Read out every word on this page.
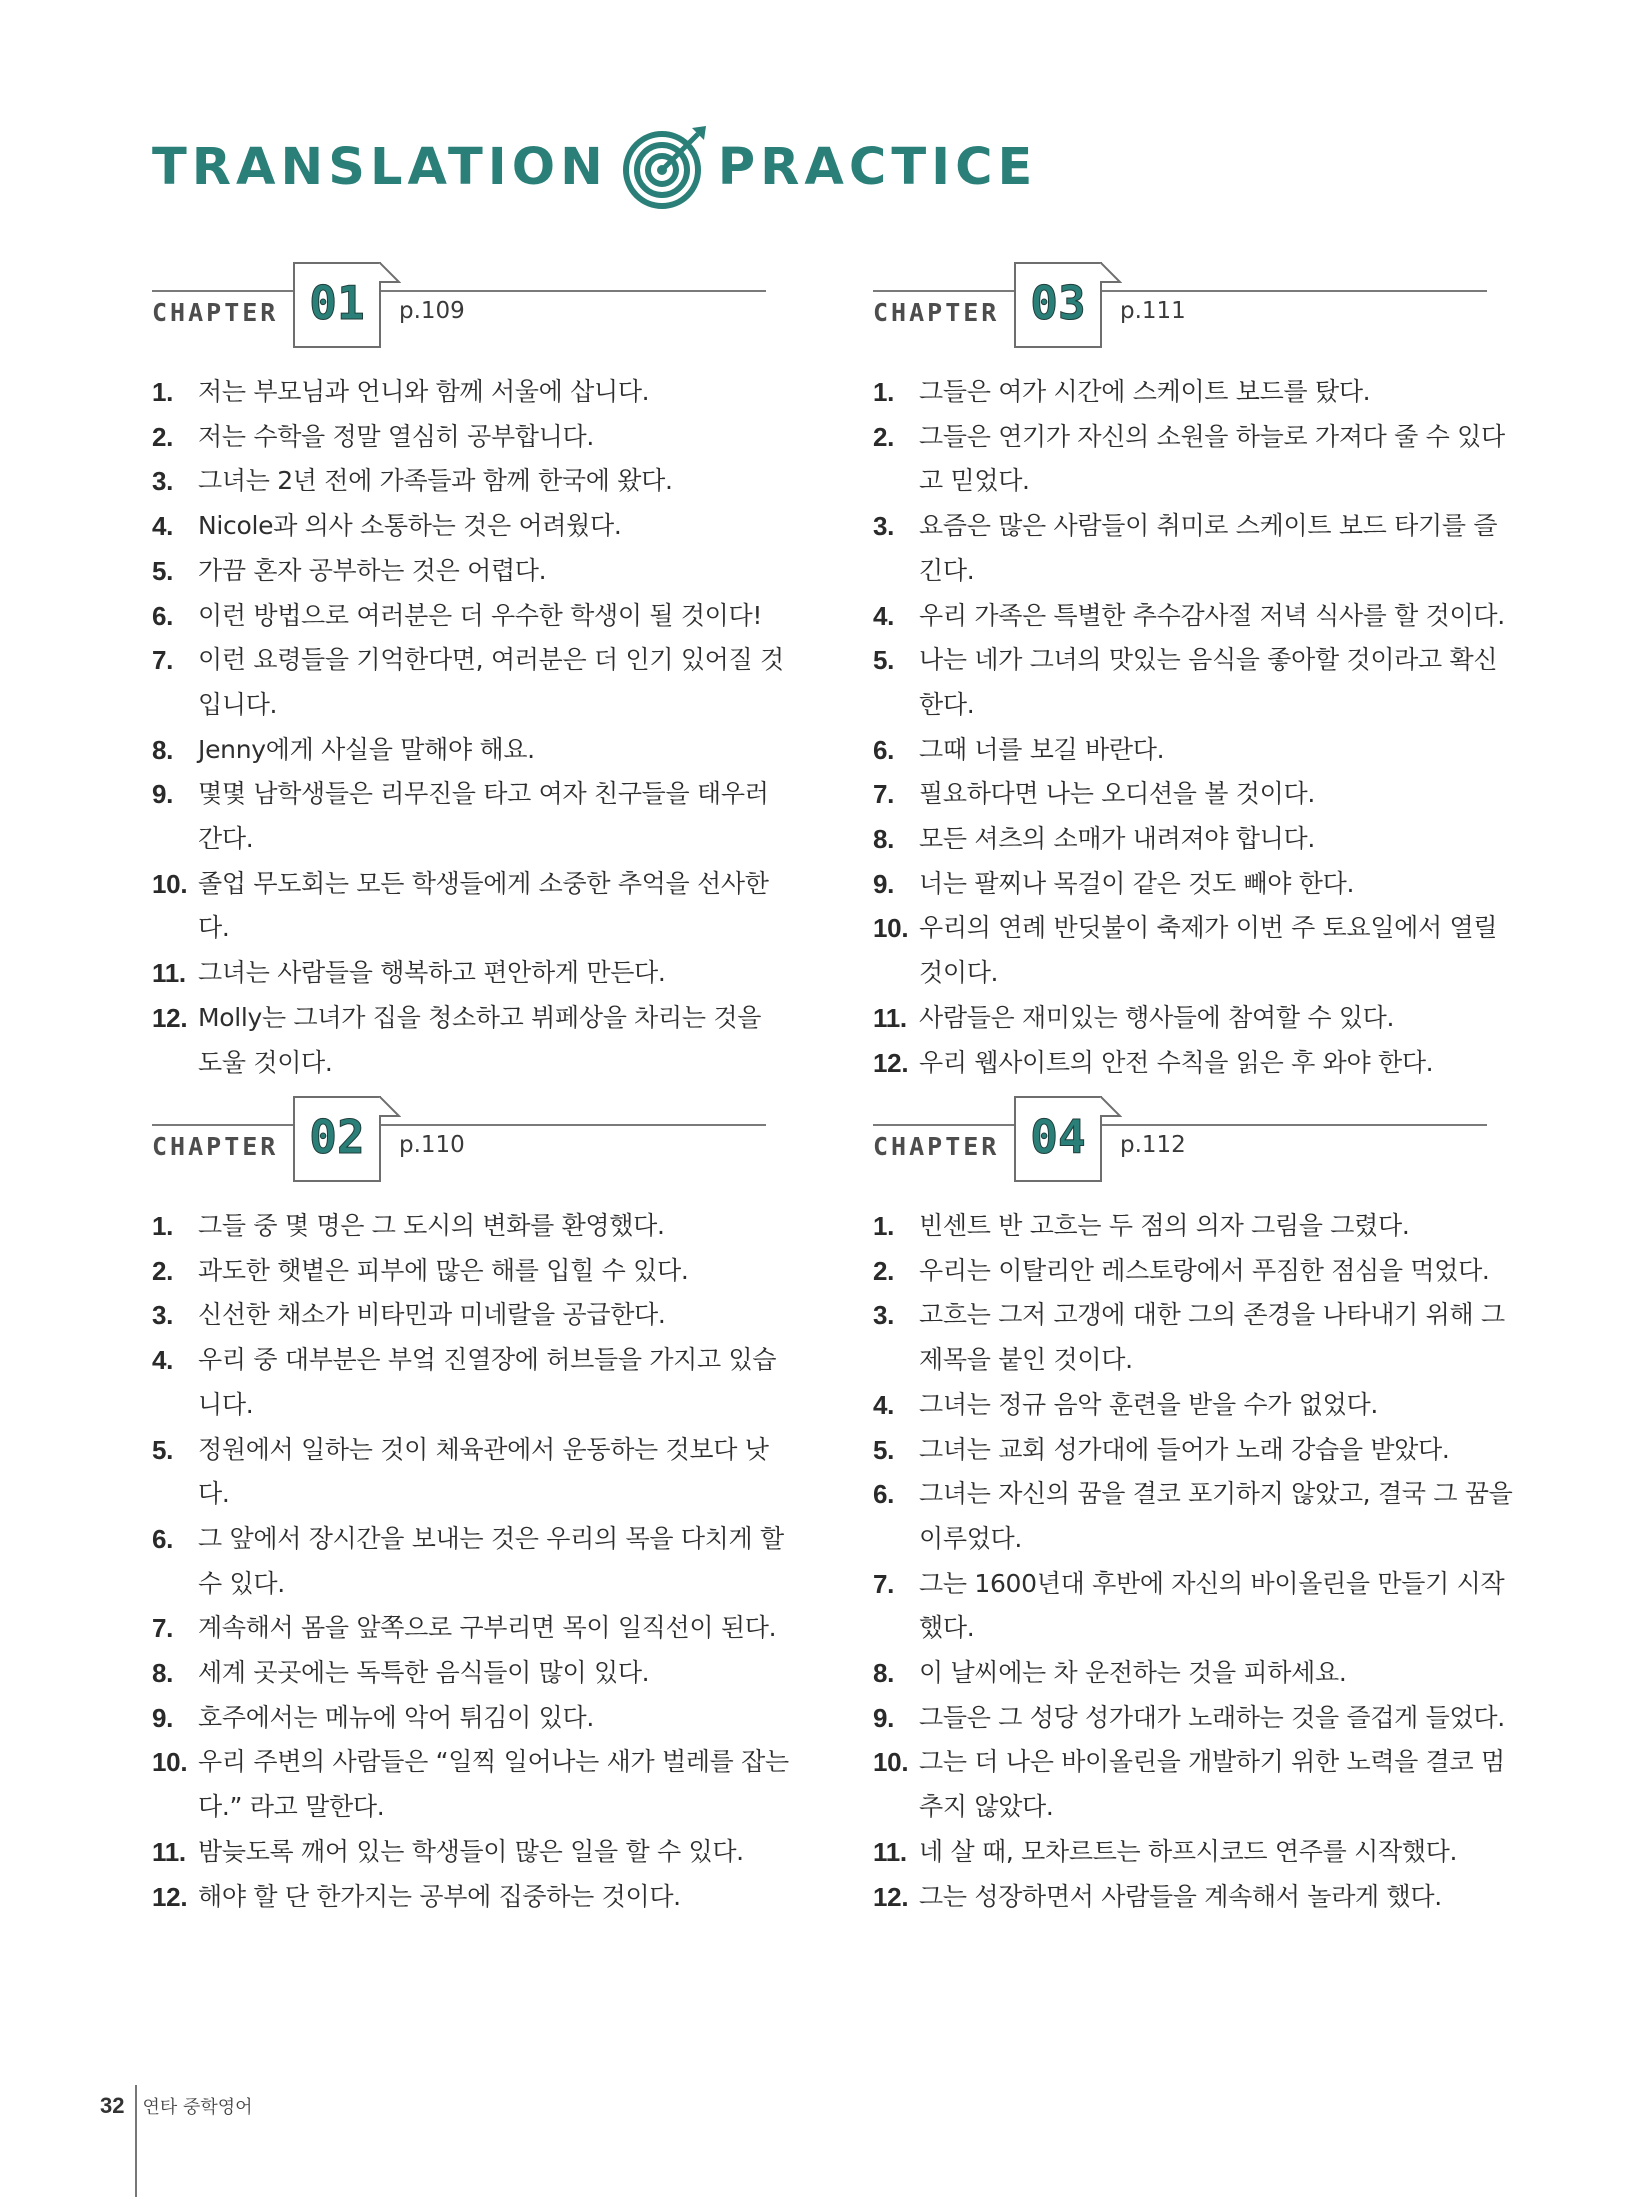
TRANSLATION PRACTICE
CHAPTER 01	p.109
1. 저는 부모님과 언니와 함께 서울에 삽니다.
2. 저는 수학을 정말 열심히 공부합니다.
3. 그녀는 2년 전에 가족들과 함께 한국에 왔다.
4. Nicole과 의사 소통하는 것은 어려웠다.
5. 가끔 혼자 공부하는 것은 어렵다.
6. 이런 방법으로 여러분은 더 우수한 학생이 될 것이다!
7. 이런 요령들을 기억한다면, 여러분은 더 인기 있어질 것입니다.
8. Jenny에게 사실을 말해야 해요.
9. 몇몇 남학생들은 리무진을 타고 여자 친구들을 태우러 간다.
10. 졸업 무도회는 모든 학생들에게 소중한 추억을 선사한다.
11. 그녀는 사람들을 행복하고 편안하게 만든다.
12. Molly는 그녀가 집을 청소하고 뷔페상을 차리는 것을 도울 것이다.
CHAPTER 03	p.111
1. 그들은 여가 시간에 스케이트 보드를 탔다.
2. 그들은 연기가 자신의 소원을 하늘로 가져다 줄 수 있다고 믿었다.
3. 요즘은 많은 사람들이 취미로 스케이트 보드 타기를 즐긴다.
4. 우리 가족은 특별한 추수감사절 저녁 식사를 할 것이다.
5. 나는 네가 그녀의 맛있는 음식을 좋아할 것이라고 확신한다.
6. 그때 너를 보길 바란다.
7. 필요하다면 나는 오디션을 볼 것이다.
8. 모든 셔츠의 소매가 내려져야 합니다.
9. 너는 팔찌나 목걸이 같은 것도 빼야 한다.
10. 우리의 연례 반딧불이 축제가 이번 주 토요일에서 열릴 것이다.
11. 사람들은 재미있는 행사들에 참여할 수 있다.
12. 우리 웹사이트의 안전 수칙을 읽은 후 와야 한다.
CHAPTER 02	p.110
1. 그들 중 몇 명은 그 도시의 변화를 환영했다.
2. 과도한 햇볕은 피부에 많은 해를 입힐 수 있다.
3. 신선한 채소가 비타민과 미네랄을 공급한다.
4. 우리 중 대부분은 부엌 진열장에 허브들을 가지고 있습니다.
5. 정원에서 일하는 것이 체육관에서 운동하는 것보다 낫다.
6. 그 앞에서 장시간을 보내는 것은 우리의 목을 다치게 할 수 있다.
7. 계속해서 몸을 앞쪽으로 구부리면 목이 일직선이 된다.
8. 세계 곳곳에는 독특한 음식들이 많이 있다.
9. 호주에서는 메뉴에 악어 튀김이 있다.
10. 우리 주변의 사람들은 “일찍 일어나는 새가 벌레를 잡는다.” 라고 말한다.
11. 밤늦도록 깨어 있는 학생들이 많은 일을 할 수 있다.
12. 해야 할 단 한가지는 공부에 집중하는 것이다.
CHAPTER 04	p.112
1. 빈센트 반 고흐는 두 점의 의자 그림을 그렸다.
2. 우리는 이탈리안 레스토랑에서 푸짐한 점심을 먹었다.
3. 고흐는 그저 고갱에 대한 그의 존경을 나타내기 위해 그 제목을 붙인 것이다.
4. 그녀는 정규 음악 훈련을 받을 수가 없었다.
5. 그녀는 교회 성가대에 들어가 노래 강습을 받았다.
6. 그녀는 자신의 꿈을 결코 포기하지 않았고, 결국 그 꿈을 이루었다.
7. 그는 1600년대 후반에 자신의 바이올린을 만들기 시작했다.
8. 이 날씨에는 차 운전하는 것을 피하세요.
9. 그들은 그 성당 성가대가 노래하는 것을 즐겁게 들었다.
10. 그는 더 나은 바이올린을 개발하기 위한 노력을 결코 멈추지 않았다.
11. 네 살 때, 모차르트는 하프시코드 연주를 시작했다.
12. 그는 성장하면서 사람들을 계속해서 놀라게 했다.
32 연타 중학영어
